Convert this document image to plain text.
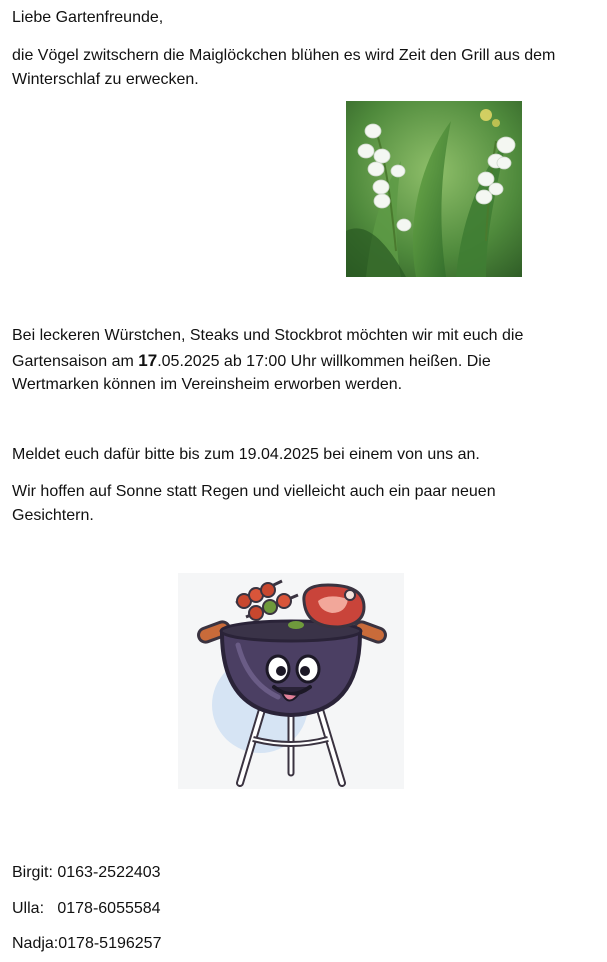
Liebe Gartenfreunde,
die Vögel zwitschern die Maiglöckchen blühen es wird Zeit den Grill aus dem
Winterschlaf zu erwecken.
Bei leckeren Würstchen, Steaks und Stockbrot möchten wir mit euch die
Gartensaison am 17.05.2025 ab 17:00 Uhr willkommen heißen. Die
Wertmarken können im Vereinsheim erworben werden.
Meldet euch dafür bitte bis zum 19.04.2025 bei einem von uns an.
Wir hoffen auf Sonne statt Regen und vielleicht auch ein paar neuen
Gesichtern.
Birgit: 0163-2522403
Ulla:   0178-6055584
Nadja:0178-5196257
